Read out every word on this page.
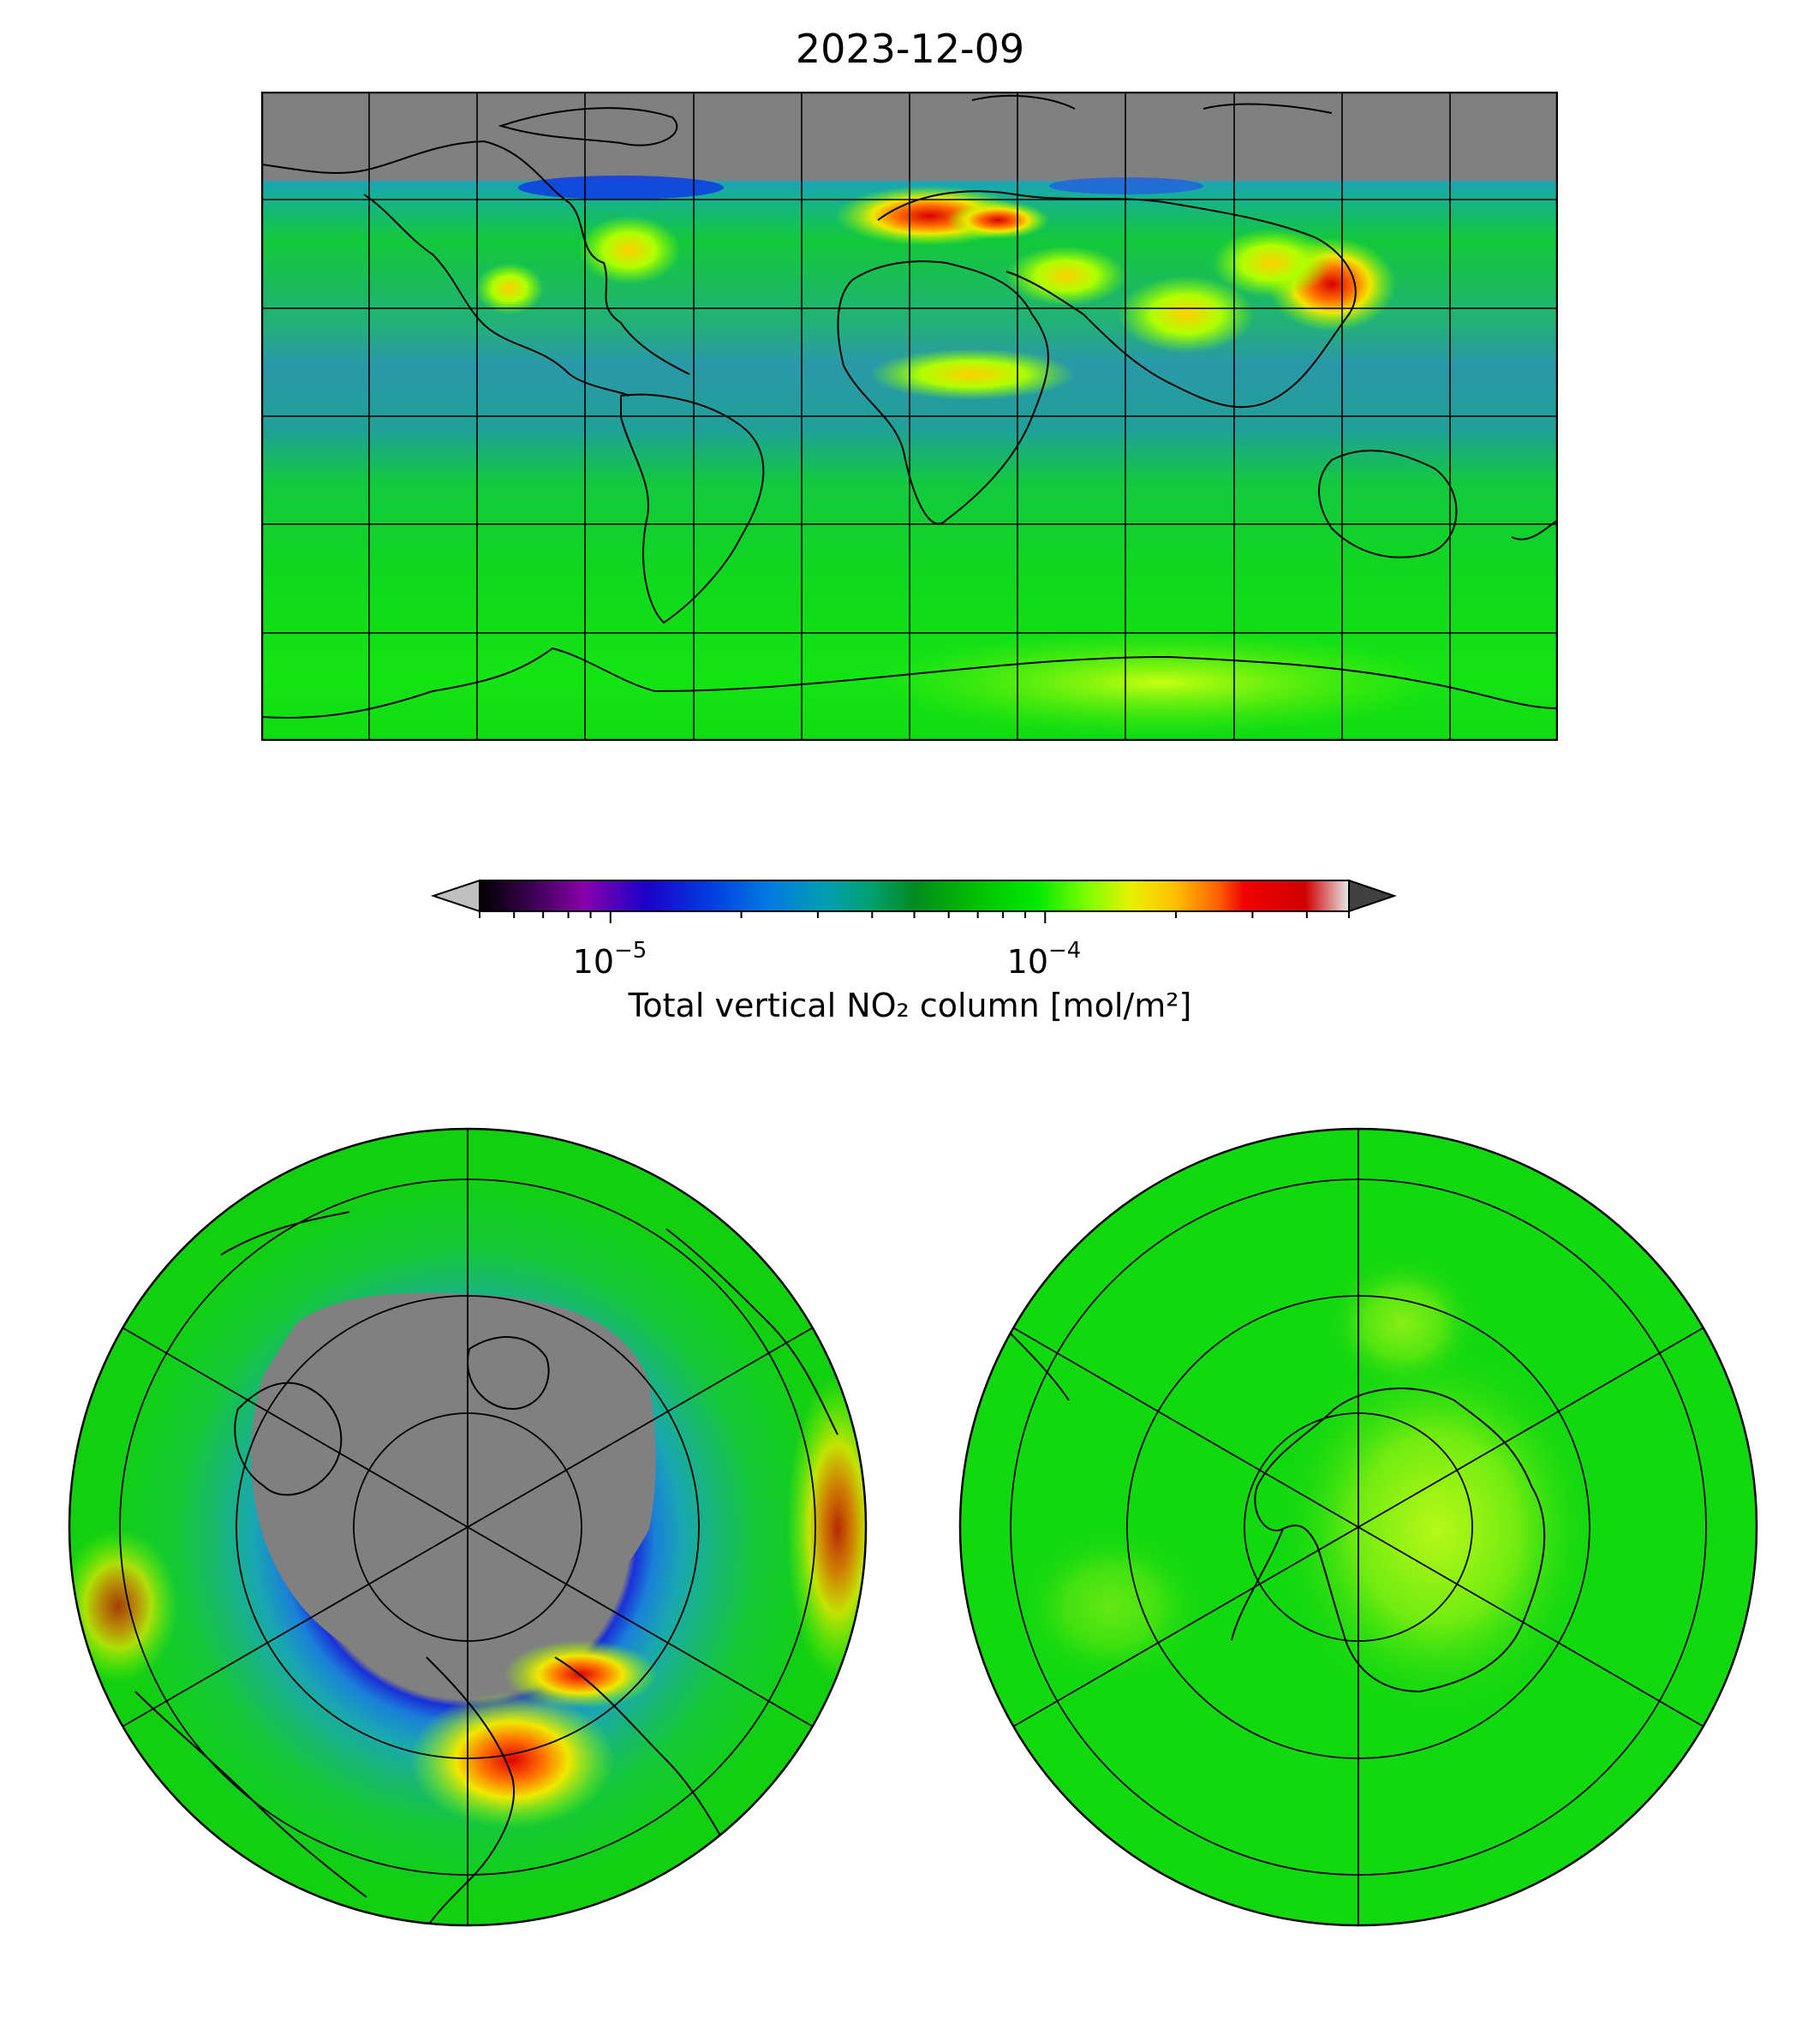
2023-12-09
$10^{-5}$	$10^{-4}$
Total vertical NO₂ column [mol/m²]
